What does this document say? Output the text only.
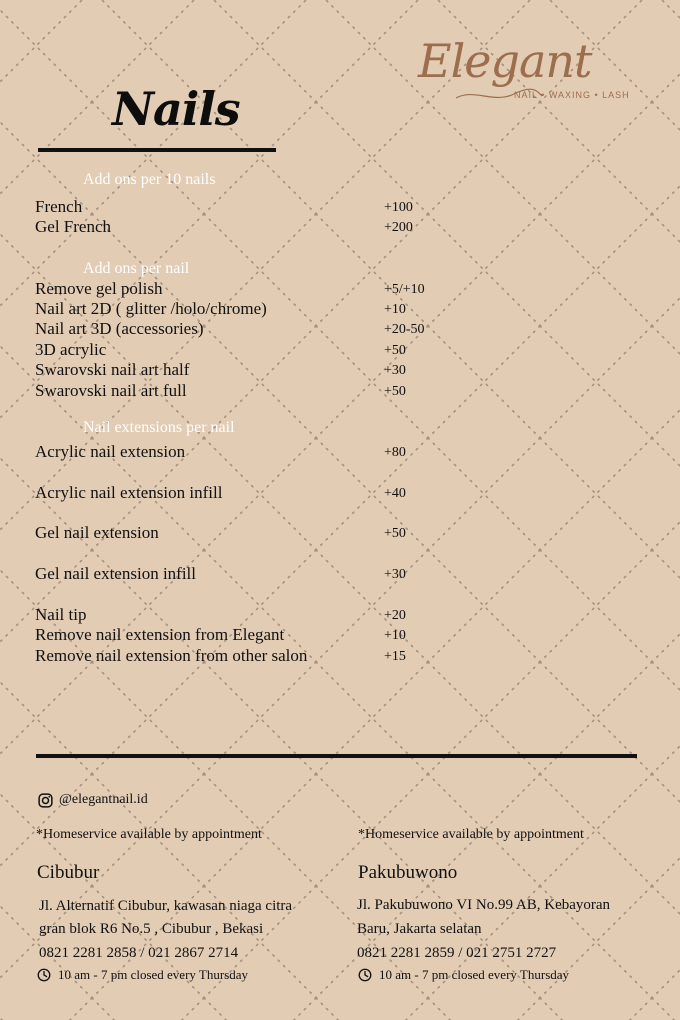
Elegant
NAIL • WAXING • LASH
Nails
Add ons per 10 nails
French	+100
Gel French	+200
Add ons per nail
Remove gel polish	+5/+10
Nail art 2D ( glitter /holo/chrome)	+10
Nail art 3D (accessories)	+20-50
3D acrylic	+50
Swarovski nail art half	+30
Swarovski nail art full	+50
Nail extensions per nail
Acrylic nail extension	+80
Acrylic nail extension infill	+40
Gel nail extension	+50
Gel nail extension infill	+30
Nail tip	+20
Remove nail extension from Elegant	+10
Remove nail extension from other salon	+15
@elegantnail.id
*Homeservice available by appointment
Cibubur
Jl. Alternatif Cibubur, kawasan niaga citra
gran blok R6 No.5 , Cibubur , Bekasi
0821 2281 2858 / 021 2867 2714
10 am - 7 pm closed every Thursday
*Homeservice available by appointment
Pakubuwono
Jl. Pakubuwono VI No.99 AB, Kebayoran
Baru, Jakarta selatan
0821 2281 2859 / 021 2751 2727
10 am - 7 pm closed every Thursday
